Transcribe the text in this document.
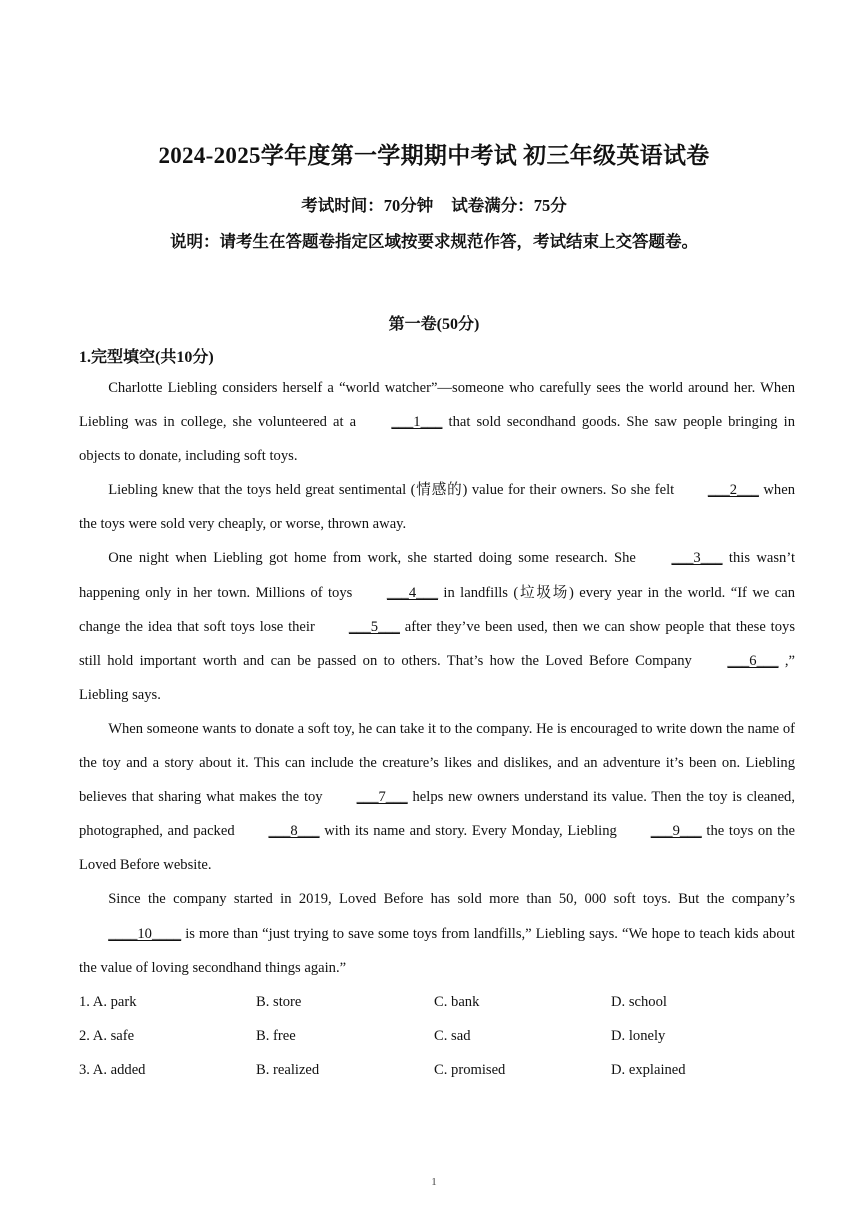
2024-2025学年度第一学期期中考试 初三年级英语试卷
考试时间：70分钟 试卷满分：75分
说明：请考生在答题卷指定区域按要求规范作答，考试结束上交答题卷。
第一卷(50分)
1.完型填空(共10分)

Charlotte Liebling considers herself a “world watcher”—someone who carefully sees the world around her. When Liebling was in college, she volunteered at a ___1___ that sold secondhand goods. She saw people bringing in objects to donate, including soft toys.

Liebling knew that the toys held great sentimental (情感的) value for their owners. So she felt ___2___ when the toys were sold very cheaply, or worse, thrown away.

One night when Liebling got home from work, she started doing some research. She ___3___ this wasn’t happening only in her town. Millions of toys ___4___ in landfills (垃圾场) every year in the world. “If we can change the idea that soft toys lose their ___5___ after they’ve been used, then we can show people that these toys still hold important worth and can be passed on to others. That’s how the Loved Before Company ___6___ ,” Liebling says.

When someone wants to donate a soft toy, he can take it to the company. He is encouraged to write down the name of the toy and a story about it. This can include the creature’s likes and dislikes, and an adventure it’s been on. Liebling believes that sharing what makes the toy ___7___ helps new owners understand its value. Then the toy is cleaned, photographed, and packed ___8___ with its name and story. Every Monday, Liebling ___9___ the toys on the Loved Before website.

Since the company started in 2019, Loved Before has sold more than 50, 000 soft toys. But the company’s ____10____ is more than “just trying to save some toys from landfills,” Liebling says. “We hope to teach kids about the value of loving secondhand things again.”

1. A. park	B. store	C. bank	D. school
2. A. safe	B. free	C. sad	D. lonely
3. A. added	B. realized	C. promised	D. explained
1
